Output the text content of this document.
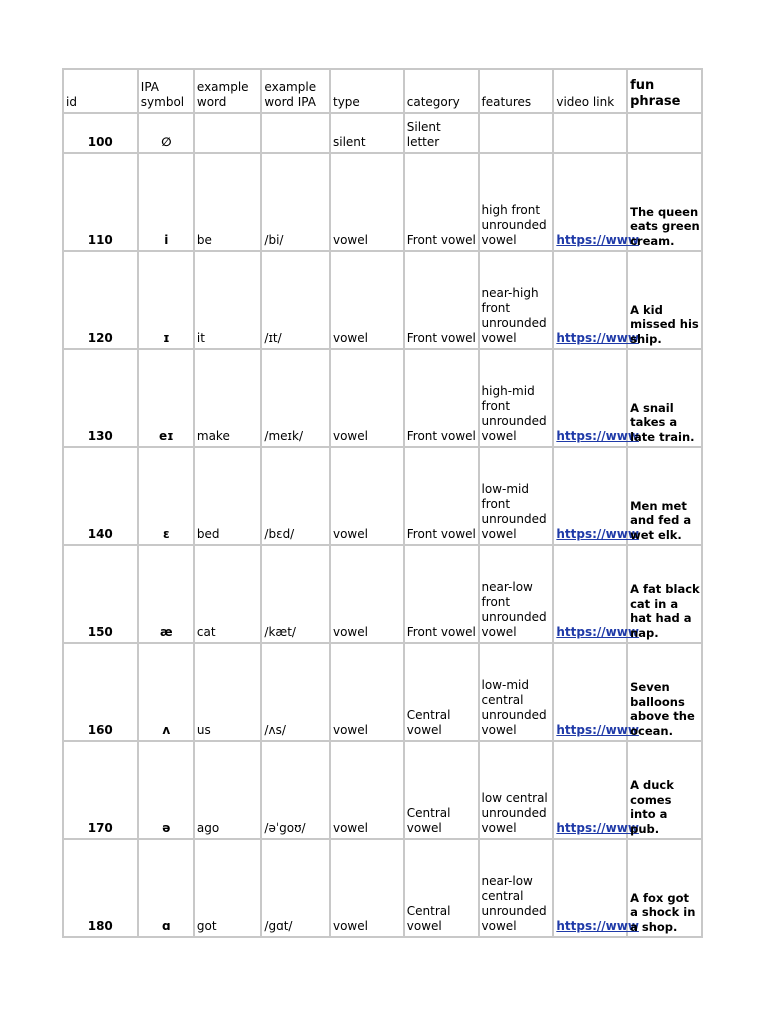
id	IPA symbol	example word	example word IPA	type	category	features	video link	fun phrase
100	∅			silent	Silent letter			
110	i	be	/bi/	vowel	Front vowel	high front unrounded vowel	https://www	The queen eats green cream.
120	ɪ	it	/ɪt/	vowel	Front vowel	near-high front unrounded vowel	https://www	A kid missed his ship.
130	eɪ	make	/meɪk/	vowel	Front vowel	high-mid front unrounded vowel	https://www	A snail takes a late train.
140	ɛ	bed	/bɛd/	vowel	Front vowel	low-mid front unrounded vowel	https://www	Men met and fed a wet elk.
150	æ	cat	/kæt/	vowel	Front vowel	near-low front unrounded vowel	https://www	A fat black cat in a hat had a nap.
160	ʌ	us	/ʌs/	vowel	Central vowel	low-mid central unrounded vowel	https://www	Seven balloons above the ocean.
170	ə	ago	/əˈgoʊ/	vowel	Central vowel	low central unrounded vowel	https://www	A duck comes into a pub.
180	ɑ	got	/gɑt/	vowel	Central vowel	near-low central unrounded vowel	https://www	A fox got a shock in a shop.
